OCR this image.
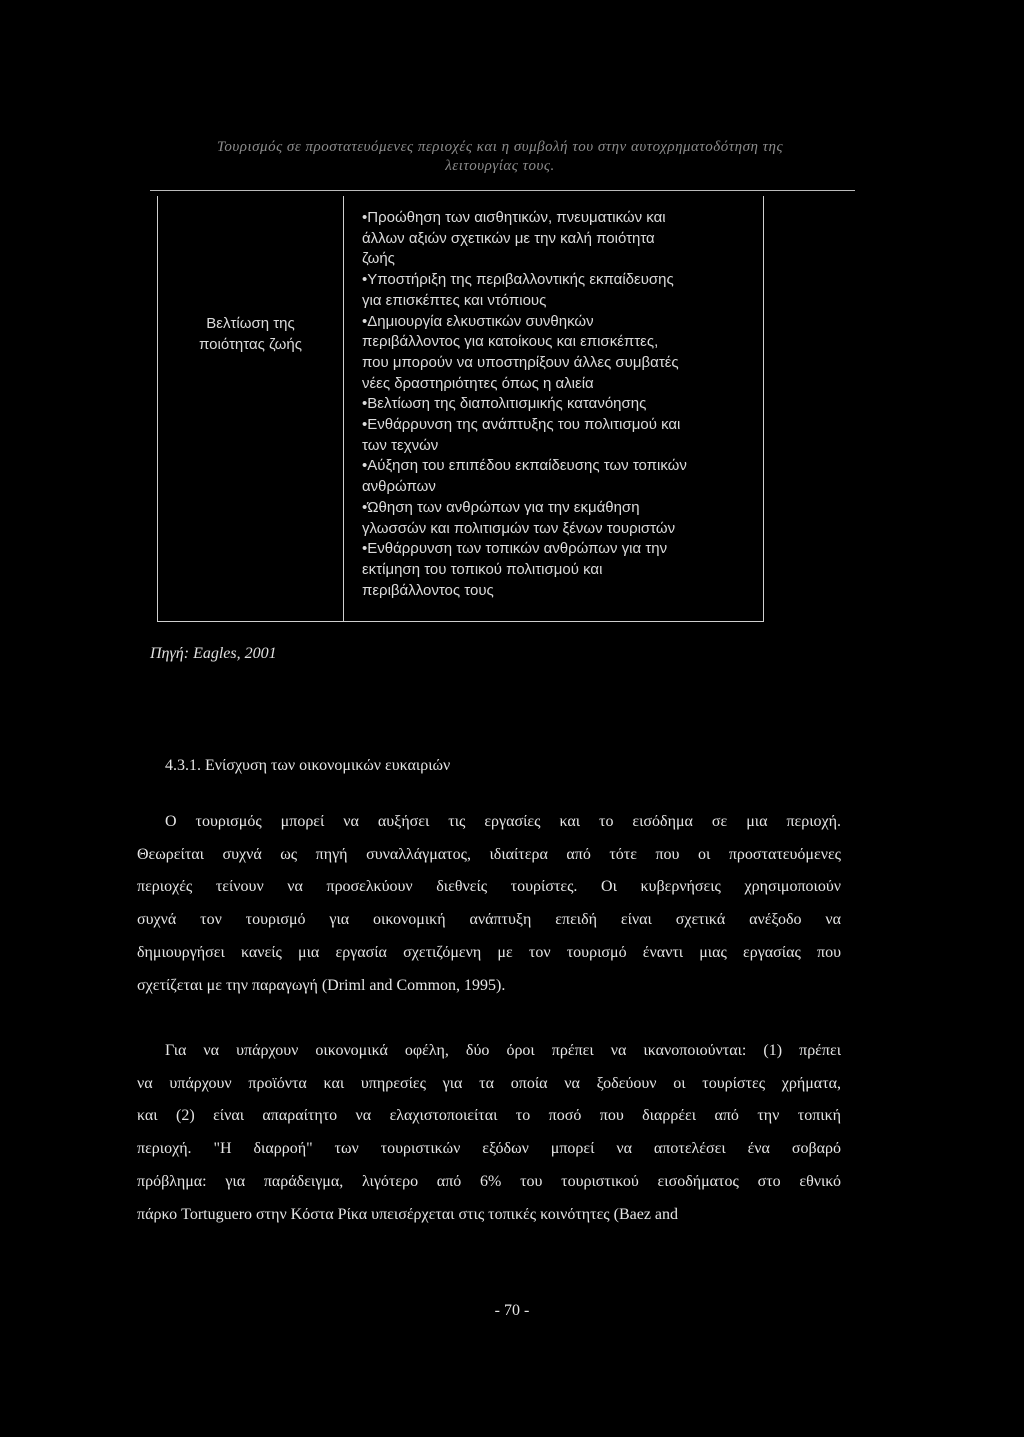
Τουρισμός σε προστατευόμενες περιοχές και η συμβολή του στην αυτοχρηματοδότηση της
λειτουργίας τους.
Βελτίωση της
ποιότητας ζωής
•Προώθηση των αισθητικών, πνευματικών και
άλλων αξιών σχετικών με την καλή ποιότητα
ζωής
•Υποστήριξη της περιβαλλοντικής εκπαίδευσης
για επισκέπτες και ντόπιους
•Δημιουργία ελκυστικών συνθηκών
περιβάλλοντος για κατοίκους και επισκέπτες,
που μπορούν να υποστηρίξουν άλλες συμβατές
νέες δραστηριότητες όπως η αλιεία
•Βελτίωση της διαπολιτισμικής κατανόησης
•Ενθάρρυνση της ανάπτυξης του πολιτισμού και
των τεχνών
•Αύξηση του επιπέδου εκπαίδευσης των τοπικών
ανθρώπων
•Ώθηση των ανθρώπων για την εκμάθηση
γλωσσών και πολιτισμών των ξένων τουριστών
•Ενθάρρυνση των τοπικών ανθρώπων για την
εκτίμηση του τοπικού πολιτισμού και
περιβάλλοντος τους
Πηγή: Eagles, 2001
4.3.1. Ενίσχυση των οικονομικών ευκαιριών
Ο τουρισμός μπορεί να αυξήσει τις εργασίες και το εισόδημα σε μια περιοχή.
Θεωρείται συχνά ως πηγή συναλλάγματος, ιδιαίτερα από τότε που οι προστατευόμενες
περιοχές τείνουν να προσελκύουν διεθνείς τουρίστες. Οι κυβερνήσεις χρησιμοποιούν
συχνά τον τουρισμό για οικονομική ανάπτυξη επειδή είναι σχετικά ανέξοδο να
δημιουργήσει κανείς μια εργασία σχετιζόμενη με τον τουρισμό έναντι μιας εργασίας που
σχετίζεται με την παραγωγή (Driml and Common, 1995).
Για να υπάρχουν οικονομικά οφέλη, δύο όροι πρέπει να ικανοποιούνται: (1) πρέπει
να υπάρχουν προϊόντα και υπηρεσίες για τα οποία να ξοδεύουν οι τουρίστες χρήματα,
και (2) είναι απαραίτητο να ελαχιστοποιείται το ποσό που διαρρέει από την τοπική
περιοχή. "Η διαρροή" των τουριστικών εξόδων μπορεί να αποτελέσει ένα σοβαρό
πρόβλημα: για παράδειγμα, λιγότερο από 6% του τουριστικού εισοδήματος στο εθνικό
πάρκο Tortuguero στην Κόστα Ρίκα υπεισέρχεται στις τοπικές κοινότητες (Baez and
- 70 -
